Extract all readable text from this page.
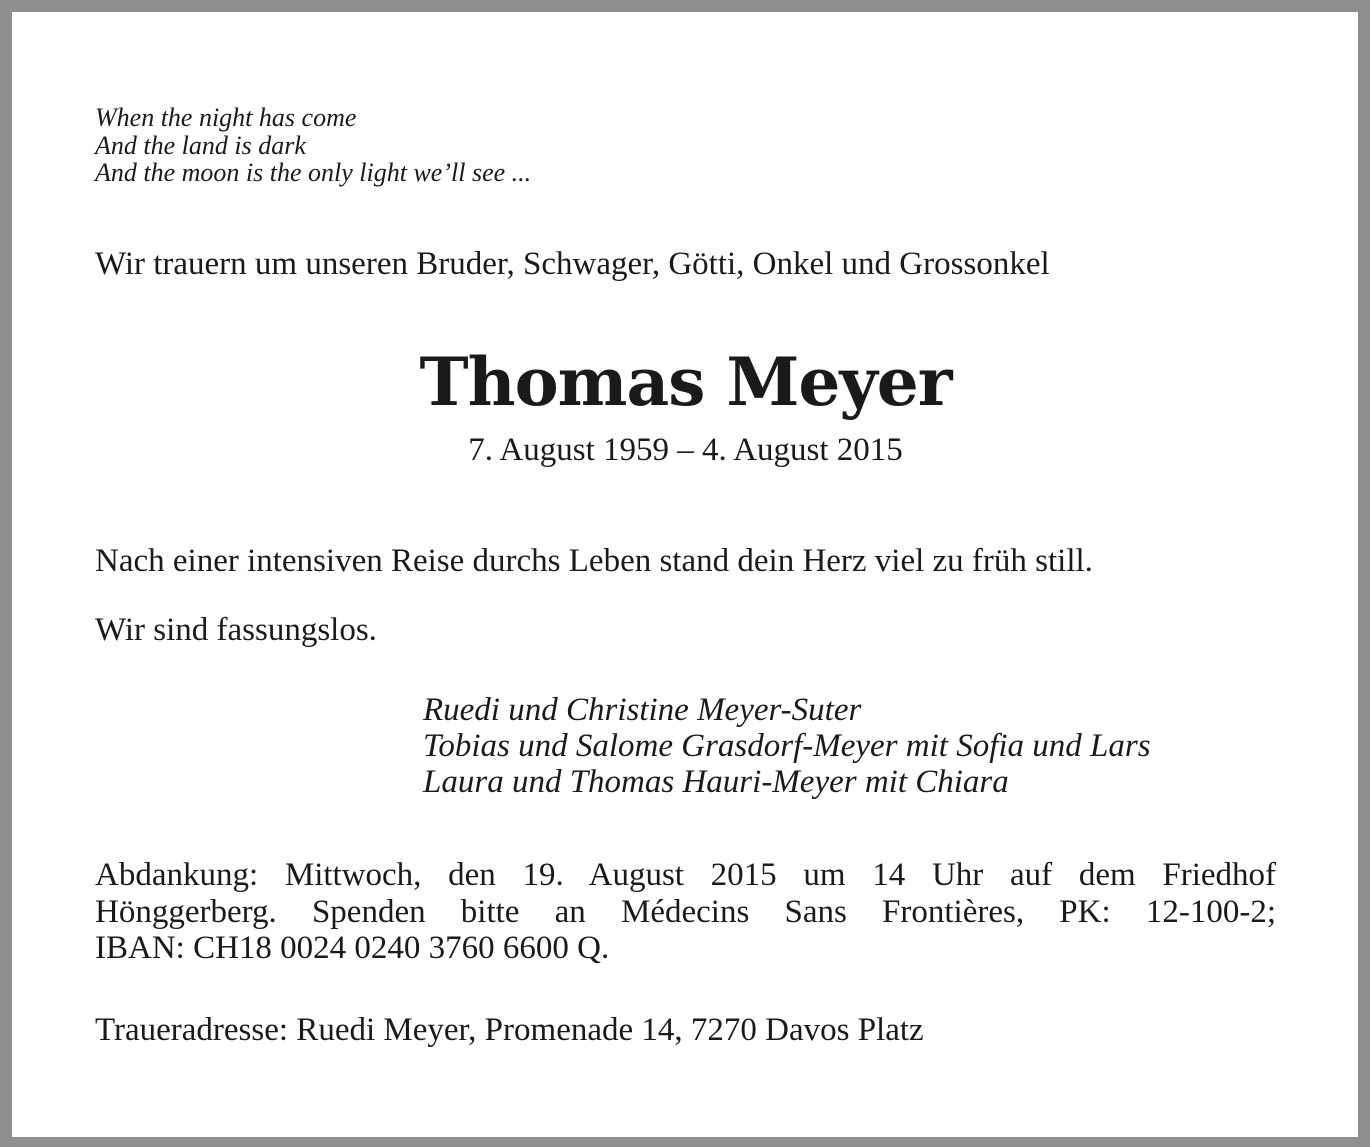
When the night has come
And the land is dark
And the moon is the only light we’ll see ...
Wir trauern um unseren Bruder, Schwager, Götti, Onkel und Grossonkel
Thomas Meyer
7. August 1959 – 4. August 2015
Nach einer intensiven Reise durchs Leben stand dein Herz viel zu früh still.
Wir sind fassungslos.
Ruedi und Christine Meyer-Suter
Tobias und Salome Grasdorf-Meyer mit Sofia und Lars
Laura und Thomas Hauri-Meyer mit Chiara
Abdankung: Mittwoch, den 19. August 2015 um 14 Uhr auf dem Friedhof
Hönggerberg. Spenden bitte an Médecins Sans Frontières, PK: 12-100-2;
IBAN: CH18 0024 0240 3760 6600 Q.
Traueradresse: Ruedi Meyer, Promenade 14, 7270 Davos Platz
